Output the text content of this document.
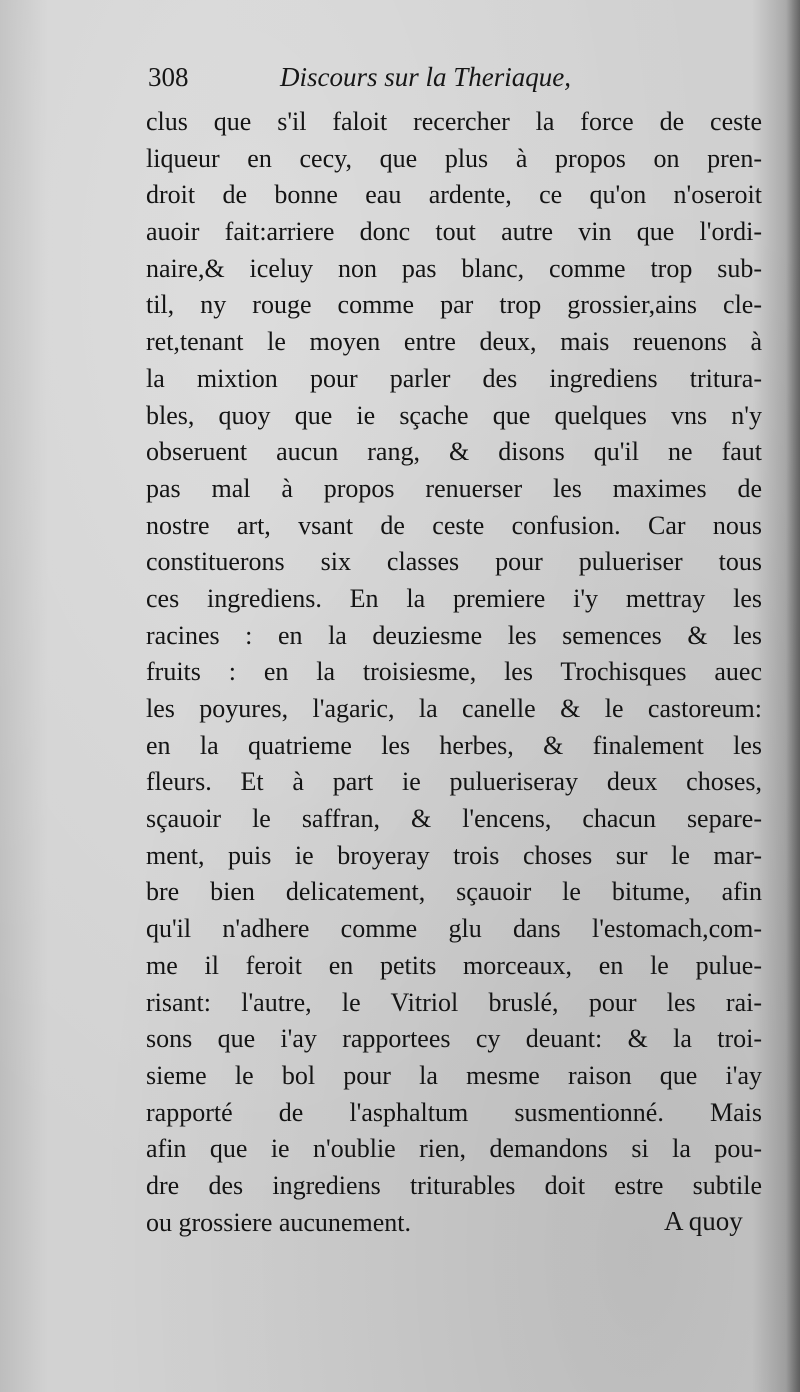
308	Discours sur la Theriaque,
clus que s'il faloit recercher la force de ceste
liqueur en cecy, que plus à propos on pren-
droit de bonne eau ardente, ce qu'on n'oseroit
auoir fait:arriere donc tout autre vin que l'ordi-
naire,& iceluy non pas blanc, comme trop sub-
til, ny rouge comme par trop grossier,ains cle-
ret,tenant le moyen entre deux, mais reuenons à
la mixtion pour parler des ingrediens tritura-
bles, quoy que ie sçache que quelques vns n'y
obseruent aucun rang, & disons qu'il ne faut
pas mal à propos renuerser les maximes de
nostre art, vsant de ceste confusion. Car nous
constituerons six classes pour pulueriser tous
ces ingrediens. En la premiere i'y mettray les
racines : en la deuziesme les semences & les
fruits : en la troisiesme, les Trochisques auec
les poyures, l'agaric, la canelle & le castoreum:
en la quatrieme les herbes, & finalement les
fleurs. Et à part ie pulueriseray deux choses,
sçauoir le saffran, & l'encens, chacun separe-
ment, puis ie broyeray trois choses sur le mar-
bre bien delicatement, sçauoir le bitume, afin
qu'il n'adhere comme glu dans l'estomach,com-
me il feroit en petits morceaux, en le pulue-
risant: l'autre, le Vitriol bruslé, pour les rai-
sons que i'ay rapportees cy deuant: & la troi-
sieme le bol pour la mesme raison que i'ay
rapporté de l'asphaltum susmentionné. Mais
afin que ie n'oublie rien, demandons si la pou-
dre des ingrediens triturables doit estre subtile
ou grossiere aucunement.	A quoy
